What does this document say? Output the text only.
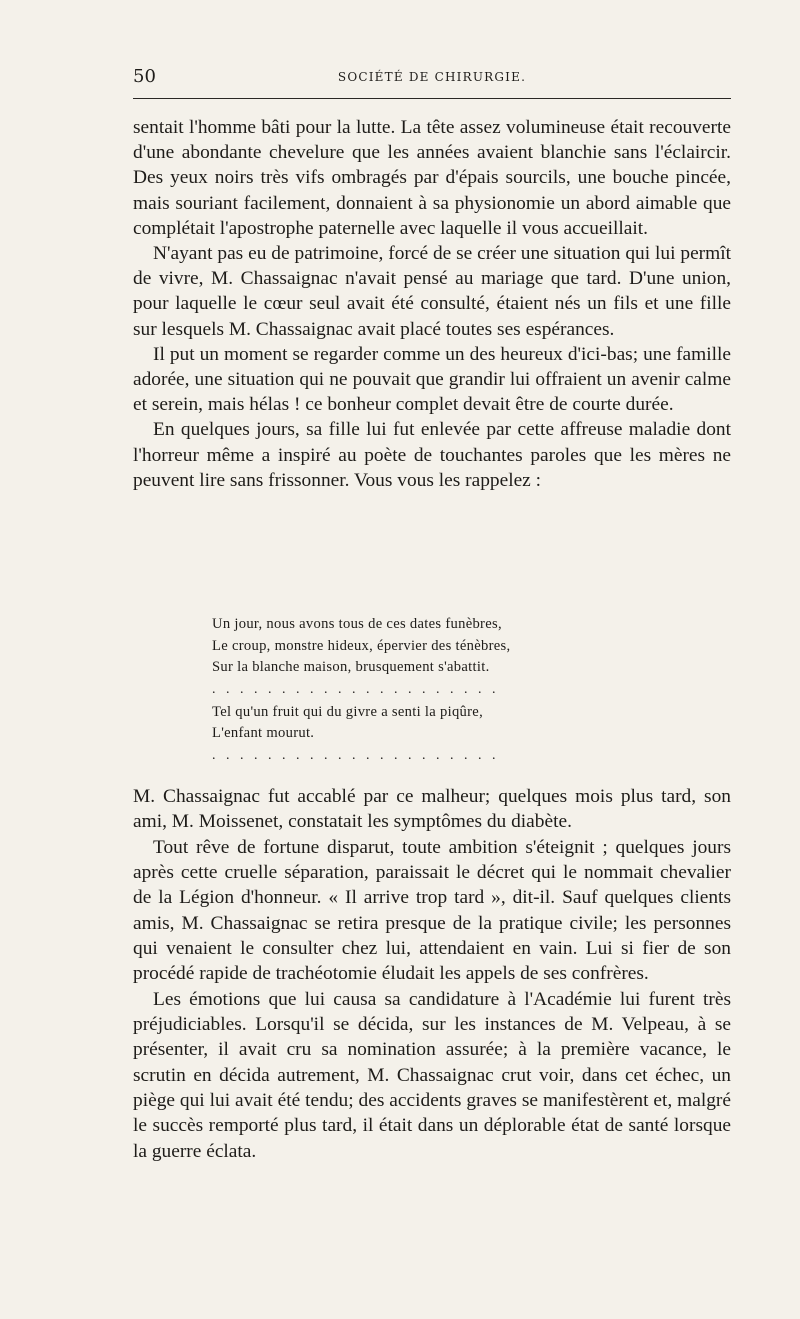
50	SOCIÉTÉ DE CHIRURGIE.

sentait l'homme bâti pour la lutte. La tête assez volumineuse était recouverte d'une abondante chevelure que les années avaient blanchie sans l'éclaircir. Des yeux noirs très vifs ombragés par d'épais sourcils, une bouche pincée, mais souriant facilement, donnaient à sa physionomie un abord aimable que complétait l'apostrophe paternelle avec laquelle il vous accueillait.

N'ayant pas eu de patrimoine, forcé de se créer une situation qui lui permît de vivre, M. Chassaignac n'avait pensé au mariage que tard. D'une union, pour laquelle le cœur seul avait été consulté, étaient nés un fils et une fille sur lesquels M. Chassaignac avait placé toutes ses espérances.

Il put un moment se regarder comme un des heureux d'ici-bas; une famille adorée, une situation qui ne pouvait que grandir lui offraient un avenir calme et serein, mais hélas ! ce bonheur complet devait être de courte durée.

En quelques jours, sa fille lui fut enlevée par cette affreuse maladie dont l'horreur même a inspiré au poète de touchantes paroles que les mères ne peuvent lire sans frissonner. Vous vous les rappelez :

Un jour, nous avons tous de ces dates funèbres,
Le croup, monstre hideux, épervier des ténèbres,
Sur la blanche maison, brusquement s'abattit.
.....................
Tel qu'un fruit qui du givre a senti la piqûre,
L'enfant mourut.
.....................

M. Chassaignac fut accablé par ce malheur; quelques mois plus tard, son ami, M. Moissenet, constatait les symptômes du diabète.

Tout rêve de fortune disparut, toute ambition s'éteignit ; quelques jours après cette cruelle séparation, paraissait le décret qui le nommait chevalier de la Légion d'honneur. « Il arrive trop tard », dit-il. Sauf quelques clients amis, M. Chassaignac se retira presque de la pratique civile; les personnes qui venaient le consulter chez lui, attendaient en vain. Lui si fier de son procédé rapide de trachéotomie éludait les appels de ses confrères.

Les émotions que lui causa sa candidature à l'Académie lui furent très préjudiciables. Lorsqu'il se décida, sur les instances de M. Velpeau, à se présenter, il avait cru sa nomination assurée; à la première vacance, le scrutin en décida autrement, M. Chassaignac crut voir, dans cet échec, un piège qui lui avait été tendu; des accidents graves se manifestèrent et, malgré le succès remporté plus tard, il était dans un déplorable état de santé lorsque la guerre éclata.
